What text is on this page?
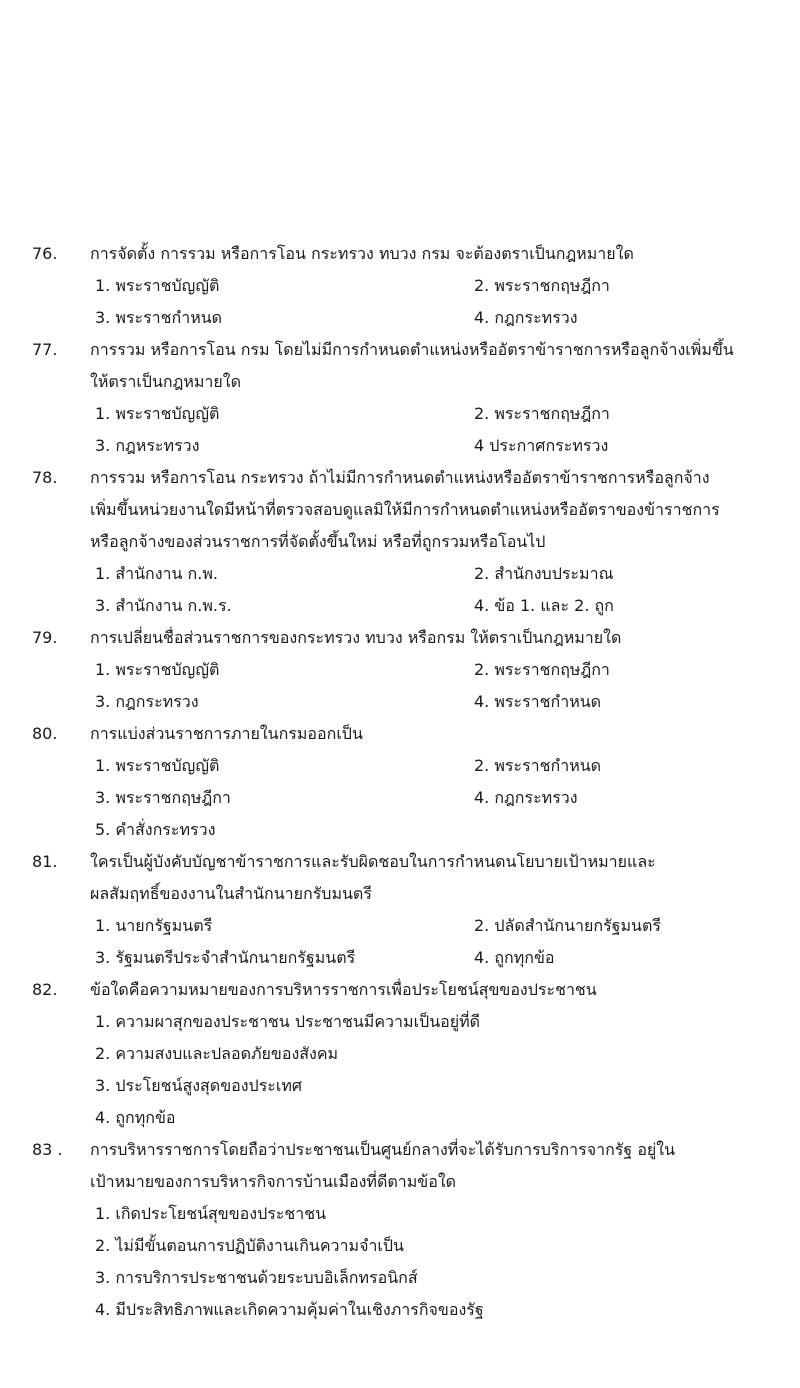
76. การจัดตั้ง การรวม หรือการโอน กระทรวง ทบวง กรม จะต้องตราเป็นกฎหมายใด
1. พระราชบัญญัติ	2. พระราชกฤษฎีกา
3. พระราชกำหนด	4. กฎกระทรวง
77. การรวม หรือการโอน กรม โดยไม่มีการกำหนดตำแหน่งหรืออัตราข้าราชการหรือลูกจ้างเพิ่มขึ้น
ให้ตราเป็นกฎหมายใด
1. พระราชบัญญัติ	2. พระราชกฤษฎีกา
3. กฎหระทรวง	4 ประกาศกระทรวง
78. การรวม หรือการโอน กระทรวง ถ้าไม่มีการกำหนดตำแหน่งหรืออัตราข้าราชการหรือลูกจ้าง
เพิ่มขึ้นหน่วยงานใดมีหน้าที่ตรวจสอบดูแลมิให้มีการกำหนดตำแหน่งหรืออัตราของข้าราชการ
หรือลูกจ้างของส่วนราชการที่จัดตั้งขึ้นใหม่ หรือที่ถูกรวมหรือโอนไป
1. สำนักงาน ก.พ.	2. สำนักงบประมาณ
3. สำนักงาน ก.พ.ร.	4. ข้อ 1. และ 2. ถูก
79. การเปลี่ยนชื่อส่วนราชการของกระทรวง ทบวง หรือกรม ให้ตราเป็นกฎหมายใด
1. พระราชบัญญัติ	2. พระราชกฤษฎีกา
3. กฎกระทรวง	4. พระราชกำหนด
80. การแบ่งส่วนราชการภายในกรมออกเป็น
1. พระราชบัญญัติ	2. พระราชกำหนด
3. พระราชกฤษฎีกา	4. กฎกระทรวง
5. คำสั่งกระทรวง
81. ใครเป็นผู้บังคับบัญชาข้าราชการและรับผิดชอบในการกำหนดนโยบายเป้าหมายและ
ผลสัมฤทธิ์ของงานในสำนักนายกรับมนตรี
1. นายกรัฐมนตรี	2. ปลัดสำนักนายกรัฐมนตรี
3. รัฐมนตรีประจำสำนักนายกรัฐมนตรี	4. ถูกทุกข้อ
82. ข้อใดคือความหมายของการบริหารราชการเพื่อประโยชน์สุขของประชาชน
1. ความผาสุกของประชาชน ประชาชนมีความเป็นอยู่ที่ดี
2. ความสงบและปลอดภัยของสังคม
3. ประโยชน์สูงสุดของประเทศ
4. ถูกทุกข้อ
83 . การบริหารราชการโดยถือว่าประชาชนเป็นศูนย์กลางที่จะได้รับการบริการจากรัฐ อยู่ใน
เป้าหมายของการบริหารกิจการบ้านเมืองที่ดีตามข้อใด
1. เกิดประโยชน์สุขของประชาชน
2. ไม่มีขั้นตอนการปฏิบัติงานเกินความจำเป็น
3. การบริการประชาชนด้วยระบบอิเล็กทรอนิกส์
4. มีประสิทธิภาพและเกิดความคุ้มค่าในเชิงภารกิจของรัฐ
